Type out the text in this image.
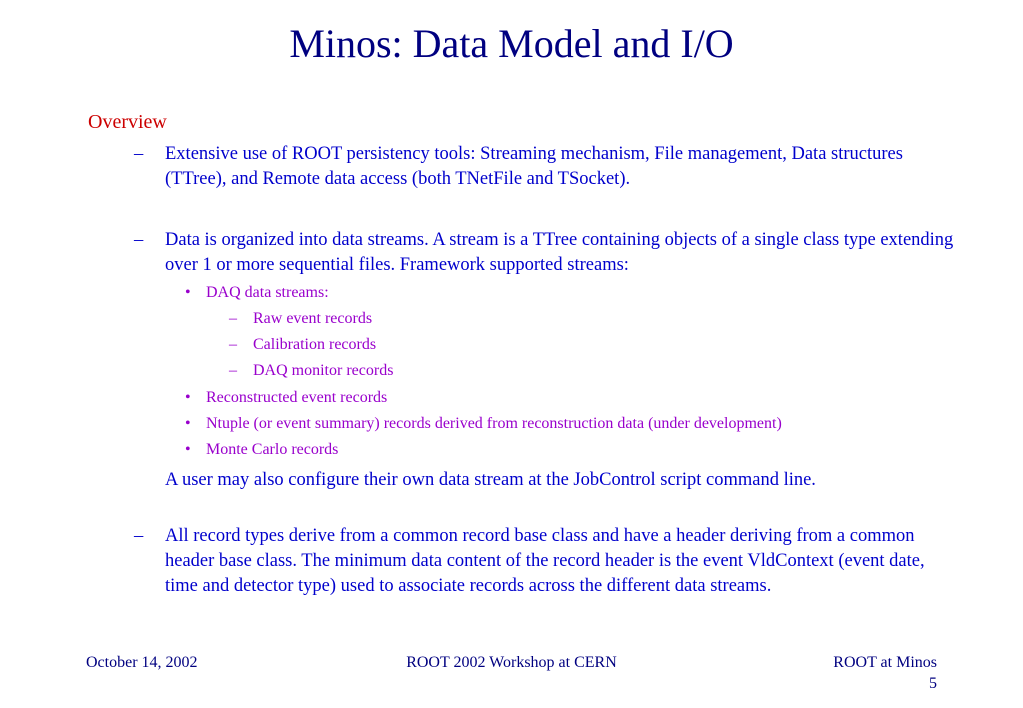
Minos: Data Model and I/O
Overview
– Extensive use of ROOT persistency tools: Streaming mechanism, File management, Data structures (TTree), and Remote data access (both TNetFile and TSocket).
– Data is organized into data streams. A stream is a TTree containing objects of a single class type extending over 1 or more sequential files. Framework supported streams:
• DAQ data streams:
– Raw event records
– Calibration records
– DAQ monitor records
• Reconstructed event records
• Ntuple (or event summary) records derived from reconstruction data (under development)
• Monte Carlo records
A user may also configure their own data stream at the JobControl script command line.
– All record types derive from a common record base class and have a header deriving from a common header base class. The minimum data content of the record header is the event VldContext (event date, time and detector type) used to associate records across the different data streams.
October 14, 2002	ROOT 2002 Workshop at CERN	ROOT at Minos
5
